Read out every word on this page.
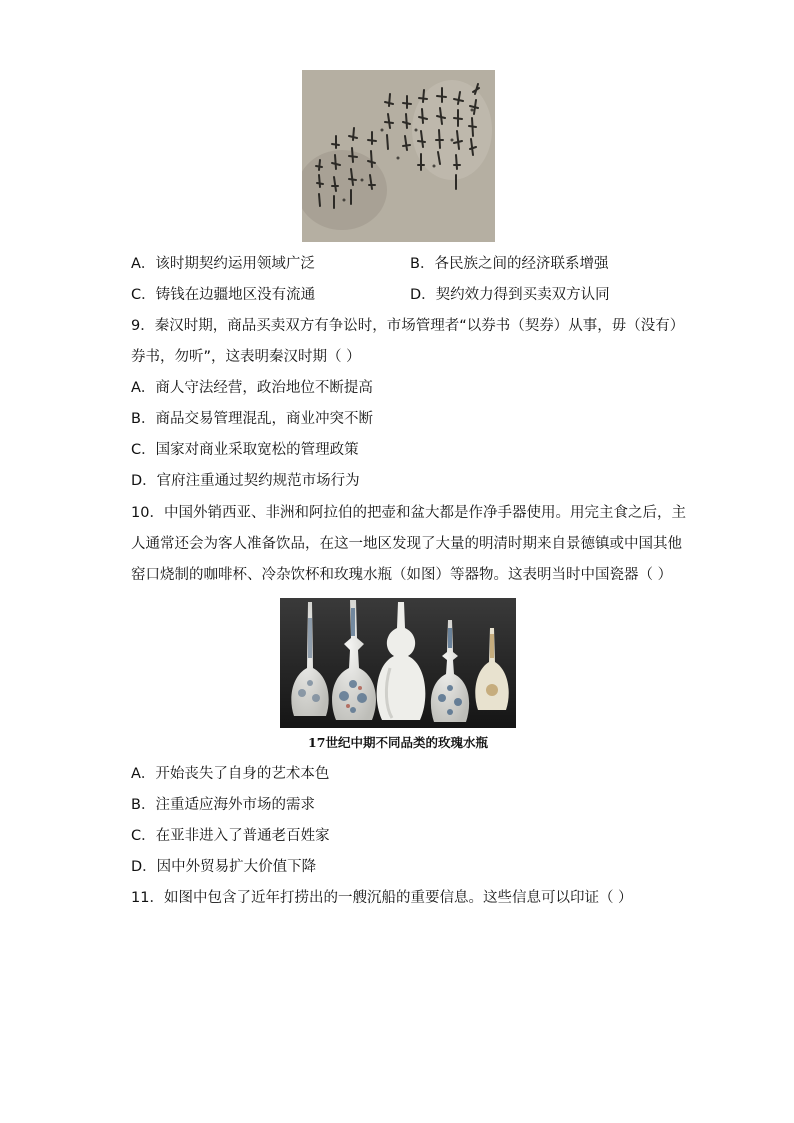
A．该时期契约运用领域广泛	B．各民族之间的经济联系增强
C．铸钱在边疆地区没有流通	D．契约效力得到买卖双方认同
9．秦汉时期，商品买卖双方有争讼时，市场管理者“以券书（契券）从事，毋（没有）
券书，勿听”，这表明秦汉时期（ ）
A．商人守法经营，政治地位不断提高
B．商品交易管理混乱，商业冲突不断
C．国家对商业采取宽松的管理政策
D．官府注重通过契约规范市场行为
10．中国外销西亚、非洲和阿拉伯的把壶和盆大都是作净手器使用。用完主食之后，主
人通常还会为客人准备饮品，在这一地区发现了大量的明清时期来自景德镇或中国其他
窑口烧制的咖啡杯、冷杂饮杯和玫瑰水瓶（如图）等器物。这表明当时中国瓷器（ ）
17世纪中期不同品类的玫瑰水瓶
A．开始丧失了自身的艺术本色
B．注重适应海外市场的需求
C．在亚非进入了普通老百姓家
D．因中外贸易扩大价值下降
11．如图中包含了近年打捞出的一艘沉船的重要信息。这些信息可以印证（ ）
